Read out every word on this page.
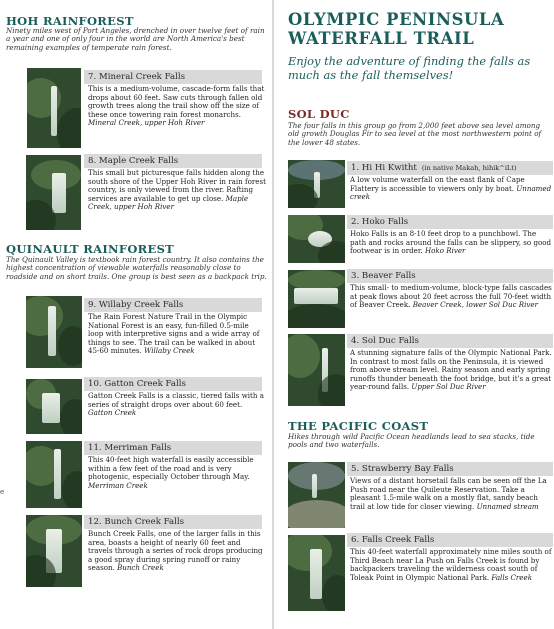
HOH RAINFOREST
Ninety miles west of Port Angeles, drenched in over twelve feet of rain a year and one of only four in the world are North America's best remaining examples of temperate rain forest.
7. Mineral Creek Falls
This is a medium-volume, cascade-form falls that drops about 60 feet. Saw cuts through fallen old growth trees along the trail show off the size of these once towering rain forest monarchs. Mineral Creek, upper Hoh River
8. Maple Creek Falls
This small but picturesque falls hidden along the south shore of the Upper Hoh River in rain forest country, is only viewed from the river. Rafting services are available to get up close. Maple Creek, upper Hoh River
QUINAULT RAINFOREST
The Quinault Valley is textbook rain forest country. It also contains the highest concentration of viewable waterfalls reasonably close to roadside and on short trails. One group is best seen as a backpack trip.
9. Willaby Creek Falls
The Rain Forest Nature Trail in the Olympic National Forest is an easy, fun-filled 0.5-mile loop with interpretive signs and a wide array of things to see. The trail can be walked in about 45-60 minutes. Willaby Creek
10. Gatton Creek Falls
Gatton Creek Falls is a classic, tiered falls with a series of straight drops over about 60 feet. Gatton Creek
11. Merriman Falls
This 40-feet high waterfall is easily accessible within a few feet of the road and is very photogenic, especially October through May. Merriman Creek
12. Bunch Creek Falls
Bunch Creek Falls, one of the larger falls in this area, boasts a height of nearly 60 feet and travels through a series of rock drops producing a good spray during spring runoff or rainy season. Bunch Creek
e
OLYMPIC PENINSULA WATERFALL TRAIL
Enjoy the adventure of finding the falls as much as the fall themselves!
SOL DUC
The four falls in this group go from 2,000 feet above sea level among old growth Douglas Fir to sea level at the most northwestern point of the lower 48 states.
1. Hi Hi Kwitht (in native Makah, hihik^iLt)
A low volume waterfall on the east flank of Cape Flattery is accessible to viewers only by boat. Unnamed creek
2. Hoko Falls
Hoko Falls is an 8-10 feet drop to a punchbowl. The path and rocks around the falls can be slippery, so good footwear is in order. Hoko River
3. Beaver Falls
This small- to medium-volume, block-type falls cascades at peak flows about 20 feet across the full 70-feet width of Beaver Creek. Beaver Creek, lower Sol Duc River
4. Sol Duc Falls
A stunning signature falls of the Olympic National Park. In contrast to most falls on the Peninsula, it is viewed from above stream level. Rainy season and early spring runoffs thunder beneath the foot bridge, but it's a great year-round falls. Upper Sol Duc River
THE PACIFIC COAST
Hikes through wild Pacific Ocean headlands lead to sea stacks, tide pools and two waterfalls.
5. Strawberry Bay Falls
Views of a distant horsetail falls can be seen off the La Push road near the Quileute Reservation. Take a pleasant 1.5-mile walk on a mostly flat, sandy beach trail at low tide for closer viewing. Unnamed stream
6. Falls Creek Falls
This 40-feet waterfall approximately nine miles south of Third Beach near La Push on Falls Creek is found by backpackers traveling the wilderness coast south of Toleak Point in Olympic National Park. Falls Creek
